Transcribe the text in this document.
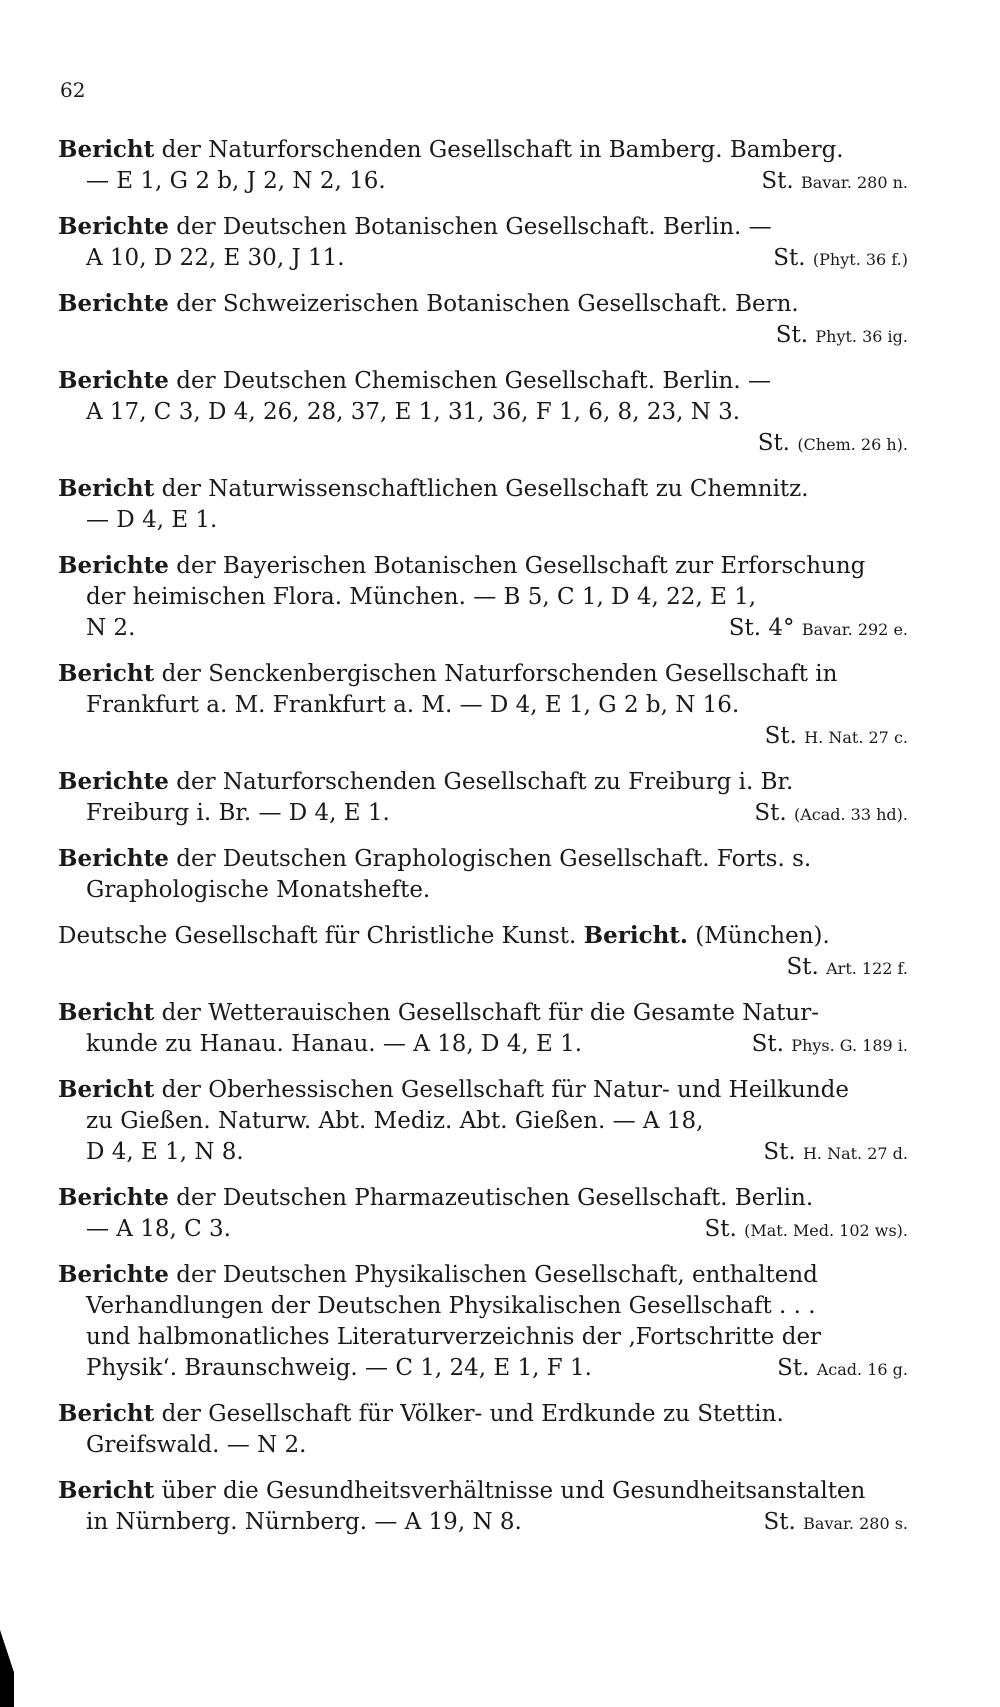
62
Bericht der Naturforschenden Gesellschaft in Bamberg. Bamberg.
— E 1, G 2 b, J 2, N 2, 16.	St. Bavar. 280 n.
Berichte der Deutschen Botanischen Gesellschaft. Berlin. —
A 10, D 22, E 30, J 11.	St. (Phyt. 36 f.)
Berichte der Schweizerischen Botanischen Gesellschaft. Bern.

St. Phyt. 36 ig.
Berichte der Deutschen Chemischen Gesellschaft. Berlin. —
A 17, C 3, D 4, 26, 28, 37, E 1, 31, 36, F 1, 6, 8, 23, N 3.

St. (Chem. 26 h).
Bericht der Naturwissenschaftlichen Gesellschaft zu Chemnitz.
— D 4, E 1.
Berichte der Bayerischen Botanischen Gesellschaft zur Erforschung
der heimischen Flora. München. — B 5, C 1, D 4, 22, E 1,
N 2.	St. 4° Bavar. 292 e.
Bericht der Senckenbergischen Naturforschenden Gesellschaft in
Frankfurt a. M. Frankfurt a. M. — D 4, E 1, G 2 b, N 16.

St. H. Nat. 27 c.
Berichte der Naturforschenden Gesellschaft zu Freiburg i. Br.
Freiburg i. Br. — D 4, E 1.	St. (Acad. 33 hd).
Berichte der Deutschen Graphologischen Gesellschaft. Forts. s.
Graphologische Monatshefte.
Deutsche Gesellschaft für Christliche Kunst. Bericht. (München).

St. Art. 122 f.
Bericht der Wetterauischen Gesellschaft für die Gesamte Natur-
kunde zu Hanau. Hanau. — A 18, D 4, E 1.	St. Phys. G. 189 i.
Bericht der Oberhessischen Gesellschaft für Natur- und Heilkunde
zu Gießen. Naturw. Abt. Mediz. Abt. Gießen. — A 18,
D 4, E 1, N 8.	St. H. Nat. 27 d.
Berichte der Deutschen Pharmazeutischen Gesellschaft. Berlin.
— A 18, C 3.	St. (Mat. Med. 102 ws).
Berichte der Deutschen Physikalischen Gesellschaft, enthaltend
Verhandlungen der Deutschen Physikalischen Gesellschaft . . .
und halbmonatliches Literaturverzeichnis der ‚Fortschritte der
Physik‘. Braunschweig. — C 1, 24, E 1, F 1.	St. Acad. 16 g.
Bericht der Gesellschaft für Völker- und Erdkunde zu Stettin.
Greifswald. — N 2.
Bericht über die Gesundheitsverhältnisse und Gesundheitsanstalten
in Nürnberg. Nürnberg. — A 19, N 8.	St. Bavar. 280 s.
